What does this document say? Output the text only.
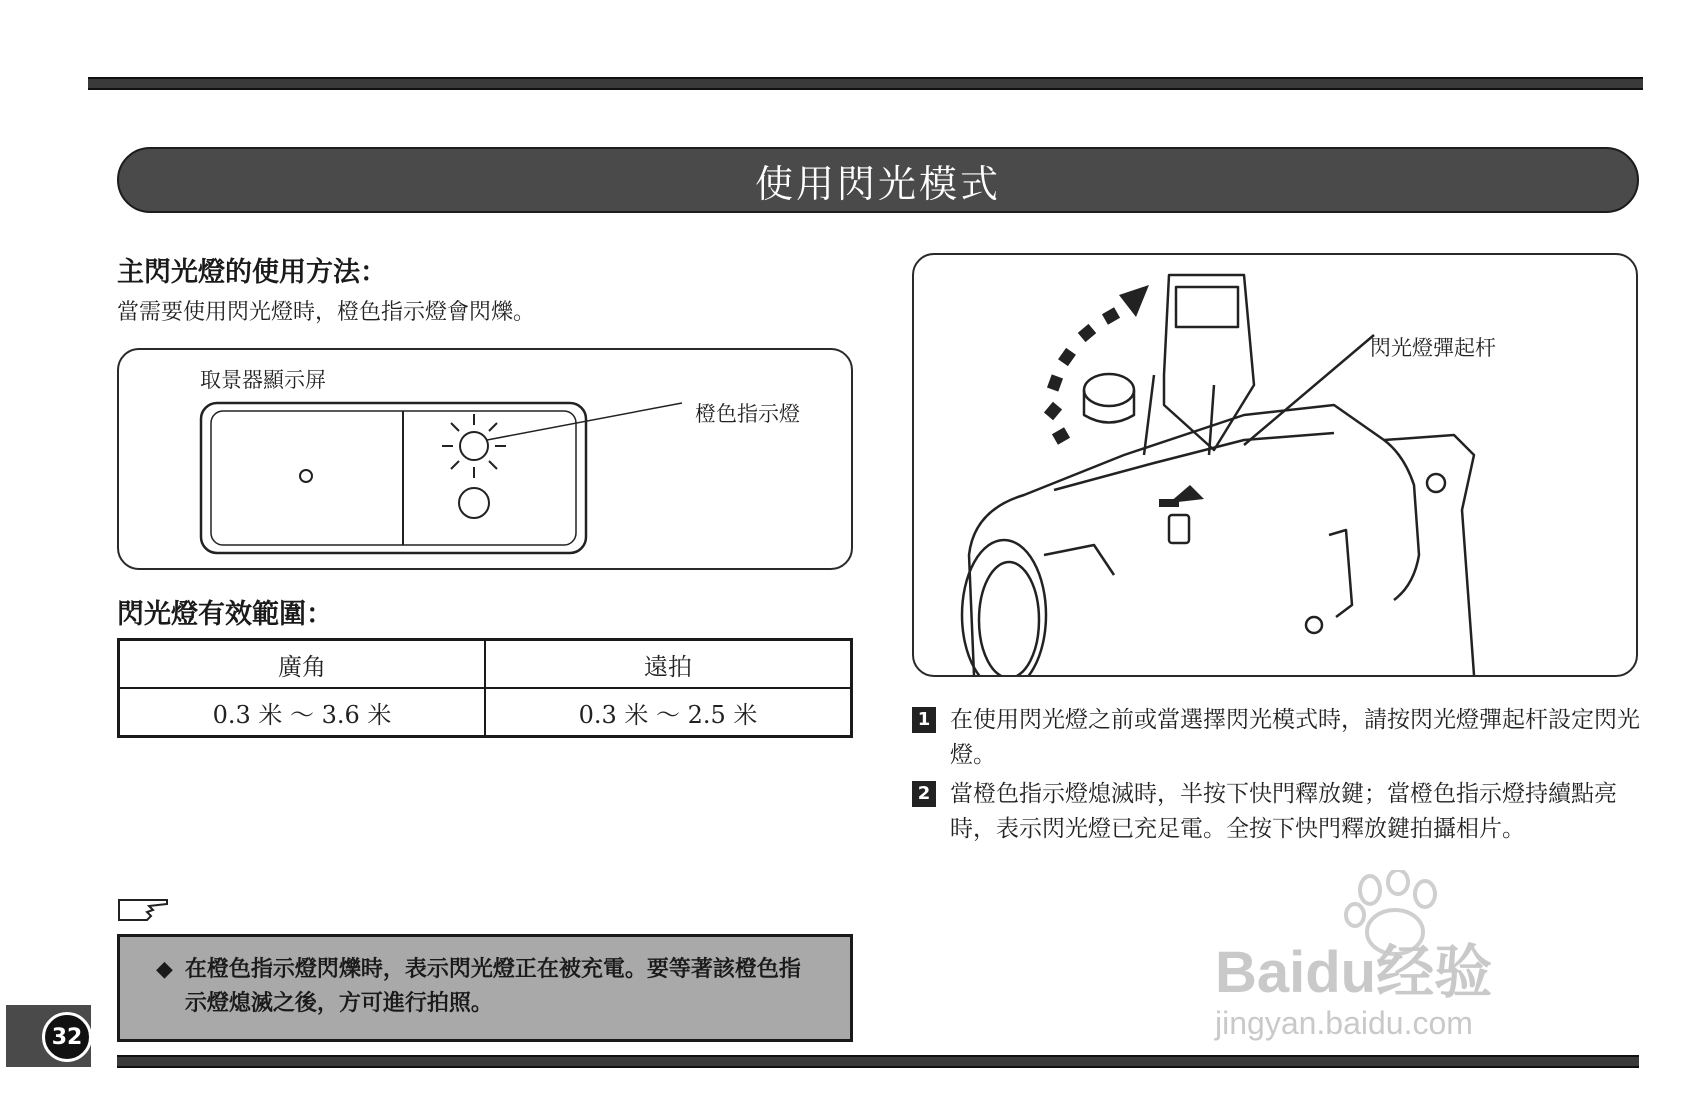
使用閃光模式
主閃光燈的使用方法：
當需要使用閃光燈時，橙色指示燈會閃爍。
取景器顯示屏
橙色指示燈
閃光燈有效範圍：
廣角	遠拍
0.3 米 ～ 3.6 米	0.3 米 ～ 2.5 米
閃光燈彈起杆
1 在使用閃光燈之前或當選擇閃光模式時，請按閃光燈彈起杆設定閃光燈。
2 當橙色指示燈熄滅時，半按下快門釋放鍵；當橙色指示燈持續點亮時，表示閃光燈已充足電。全按下快門釋放鍵拍攝相片。
◆ 在橙色指示燈閃爍時，表示閃光燈正在被充電。要等著該橙色指示燈熄滅之後，方可進行拍照。
32
Baidu经验
jingyan.baidu.com
